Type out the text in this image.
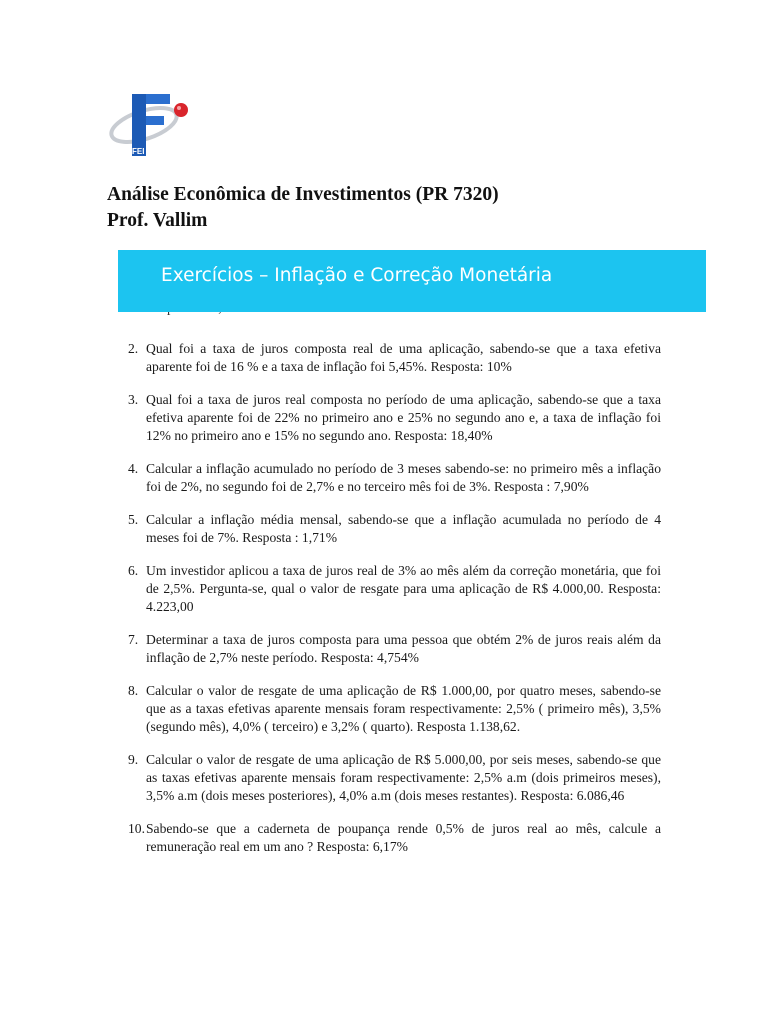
FEI
Análise Econômica de Investimentos (PR 7320)
Prof. Vallim
Exercícios – Inflação e Correção Monetária
2. Qual foi a taxa de juros composta real de uma aplicação, sabendo-se que a taxa efetiva aparente foi de 16 % e a taxa de inflação foi 5,45%. Resposta: 10%
3. Qual foi a taxa de juros real composta no período de uma aplicação, sabendo-se que a taxa efetiva aparente foi de 22% no primeiro ano e 25% no segundo ano e, a taxa de inflação foi 12% no primeiro ano e 15% no segundo ano. Resposta: 18,40%
4. Calcular a inflação acumulado no período de 3 meses sabendo-se: no primeiro mês a inflação foi de 2%, no segundo foi de 2,7% e no terceiro mês foi de 3%. Resposta : 7,90%
5. Calcular a inflação média mensal, sabendo-se que a inflação acumulada no período de 4 meses foi de 7%. Resposta : 1,71%
6. Um investidor aplicou a taxa de juros real de 3% ao mês além da correção monetária, que foi de 2,5%. Pergunta-se, qual o valor de resgate para uma aplicação de R$ 4.000,00. Resposta: 4.223,00
7. Determinar a taxa de juros composta para uma pessoa que obtém 2% de juros reais além da inflação de 2,7% neste período. Resposta: 4,754%
8. Calcular o valor de resgate de uma aplicação de R$ 1.000,00, por quatro meses, sabendo-se que as a taxas efetivas aparente mensais foram respectivamente: 2,5% ( primeiro mês), 3,5% (segundo mês), 4,0% ( terceiro) e 3,2% ( quarto). Resposta 1.138,62.
9. Calcular o valor de resgate de uma aplicação de R$ 5.000,00, por seis meses, sabendo-se que as taxas efetivas aparente mensais foram respectivamente: 2,5% a.m (dois primeiros meses), 3,5% a.m (dois meses posteriores), 4,0% a.m (dois meses restantes). Resposta: 6.086,46
10. Sabendo-se que a caderneta de poupança rende 0,5% de juros real ao mês, calcule a remuneração real em um ano ? Resposta: 6,17%
